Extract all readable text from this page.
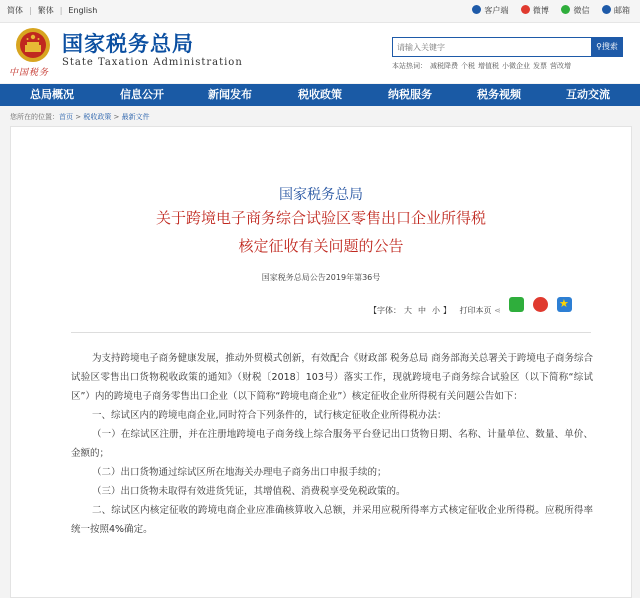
简体 | 繁体 | English	客户端	微博	微信	邮箱
中国税务
国家税务总局
State Taxation Administration
请输入关键字
⚲搜索
本站热词： 减税降费 个税 增值税 小微企业 发票 营改增
总局概况	信息公开	新闻发布	税收政策	纳税服务	税务视频	互动交流
您所在的位置：首页 > 税收政策 > 最新文件
国家税务总局
关于跨境电子商务综合试验区零售出口企业所得税
核定征收有关问题的公告
国家税务总局公告2019年第36号
【字体： 大 中 小 】 打印本页 ⋖
★

为支持跨境电子商务健康发展，推动外贸模式创新，有效配合《财政部 税务总局 商务部海关总署关于跨境电子商务综合试验区零售出口货物税收政策的通知》（财税〔2018〕103号）落实工作，现就跨境电子商务综合试验区（以下简称“综试区”）内的跨境电子商务零售出口企业（以下简称“跨境电商企业”）核定征收企业所得税有关问题公告如下：

一、综试区内的跨境电商企业,同时符合下列条件的，试行核定征收企业所得税办法：

（一）在综试区注册，并在注册地跨境电子商务线上综合服务平台登记出口货物日期、名称、计量单位、数量、单价、金额的；

（二）出口货物通过综试区所在地海关办理电子商务出口申报手续的；

（三）出口货物未取得有效进货凭证，其增值税、消费税享受免税政策的。

二、综试区内核定征收的跨境电商企业应准确核算收入总额，并采用应税所得率方式核定征收企业所得税。应税所得率统一按照4%确定。
